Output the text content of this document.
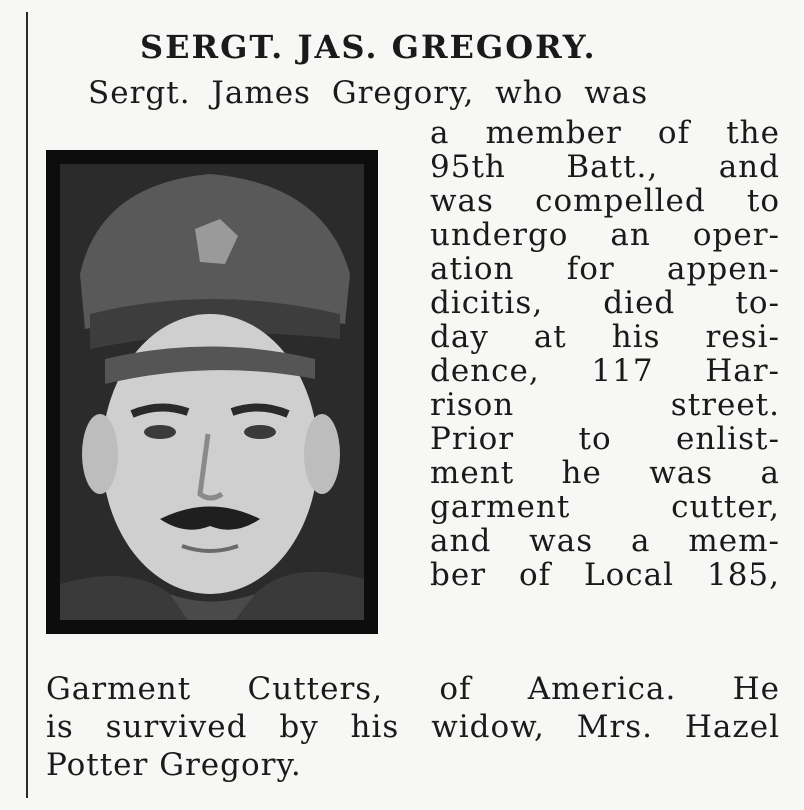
SERGT. JAS. GREGORY.
Sergt. James Gregory, who was
a member of the
95th Batt., and
was compelled to
undergo an oper-
ation for appen-
dicitis, died to-
day at his resi-
dence, 117 Har-
rison street.
Prior to enlist-
ment he was a
garment cutter,
and was a mem-
ber of Local 185,
Garment Cutters, of America. He
is survived by his widow, Mrs. Hazel
Potter Gregory.
